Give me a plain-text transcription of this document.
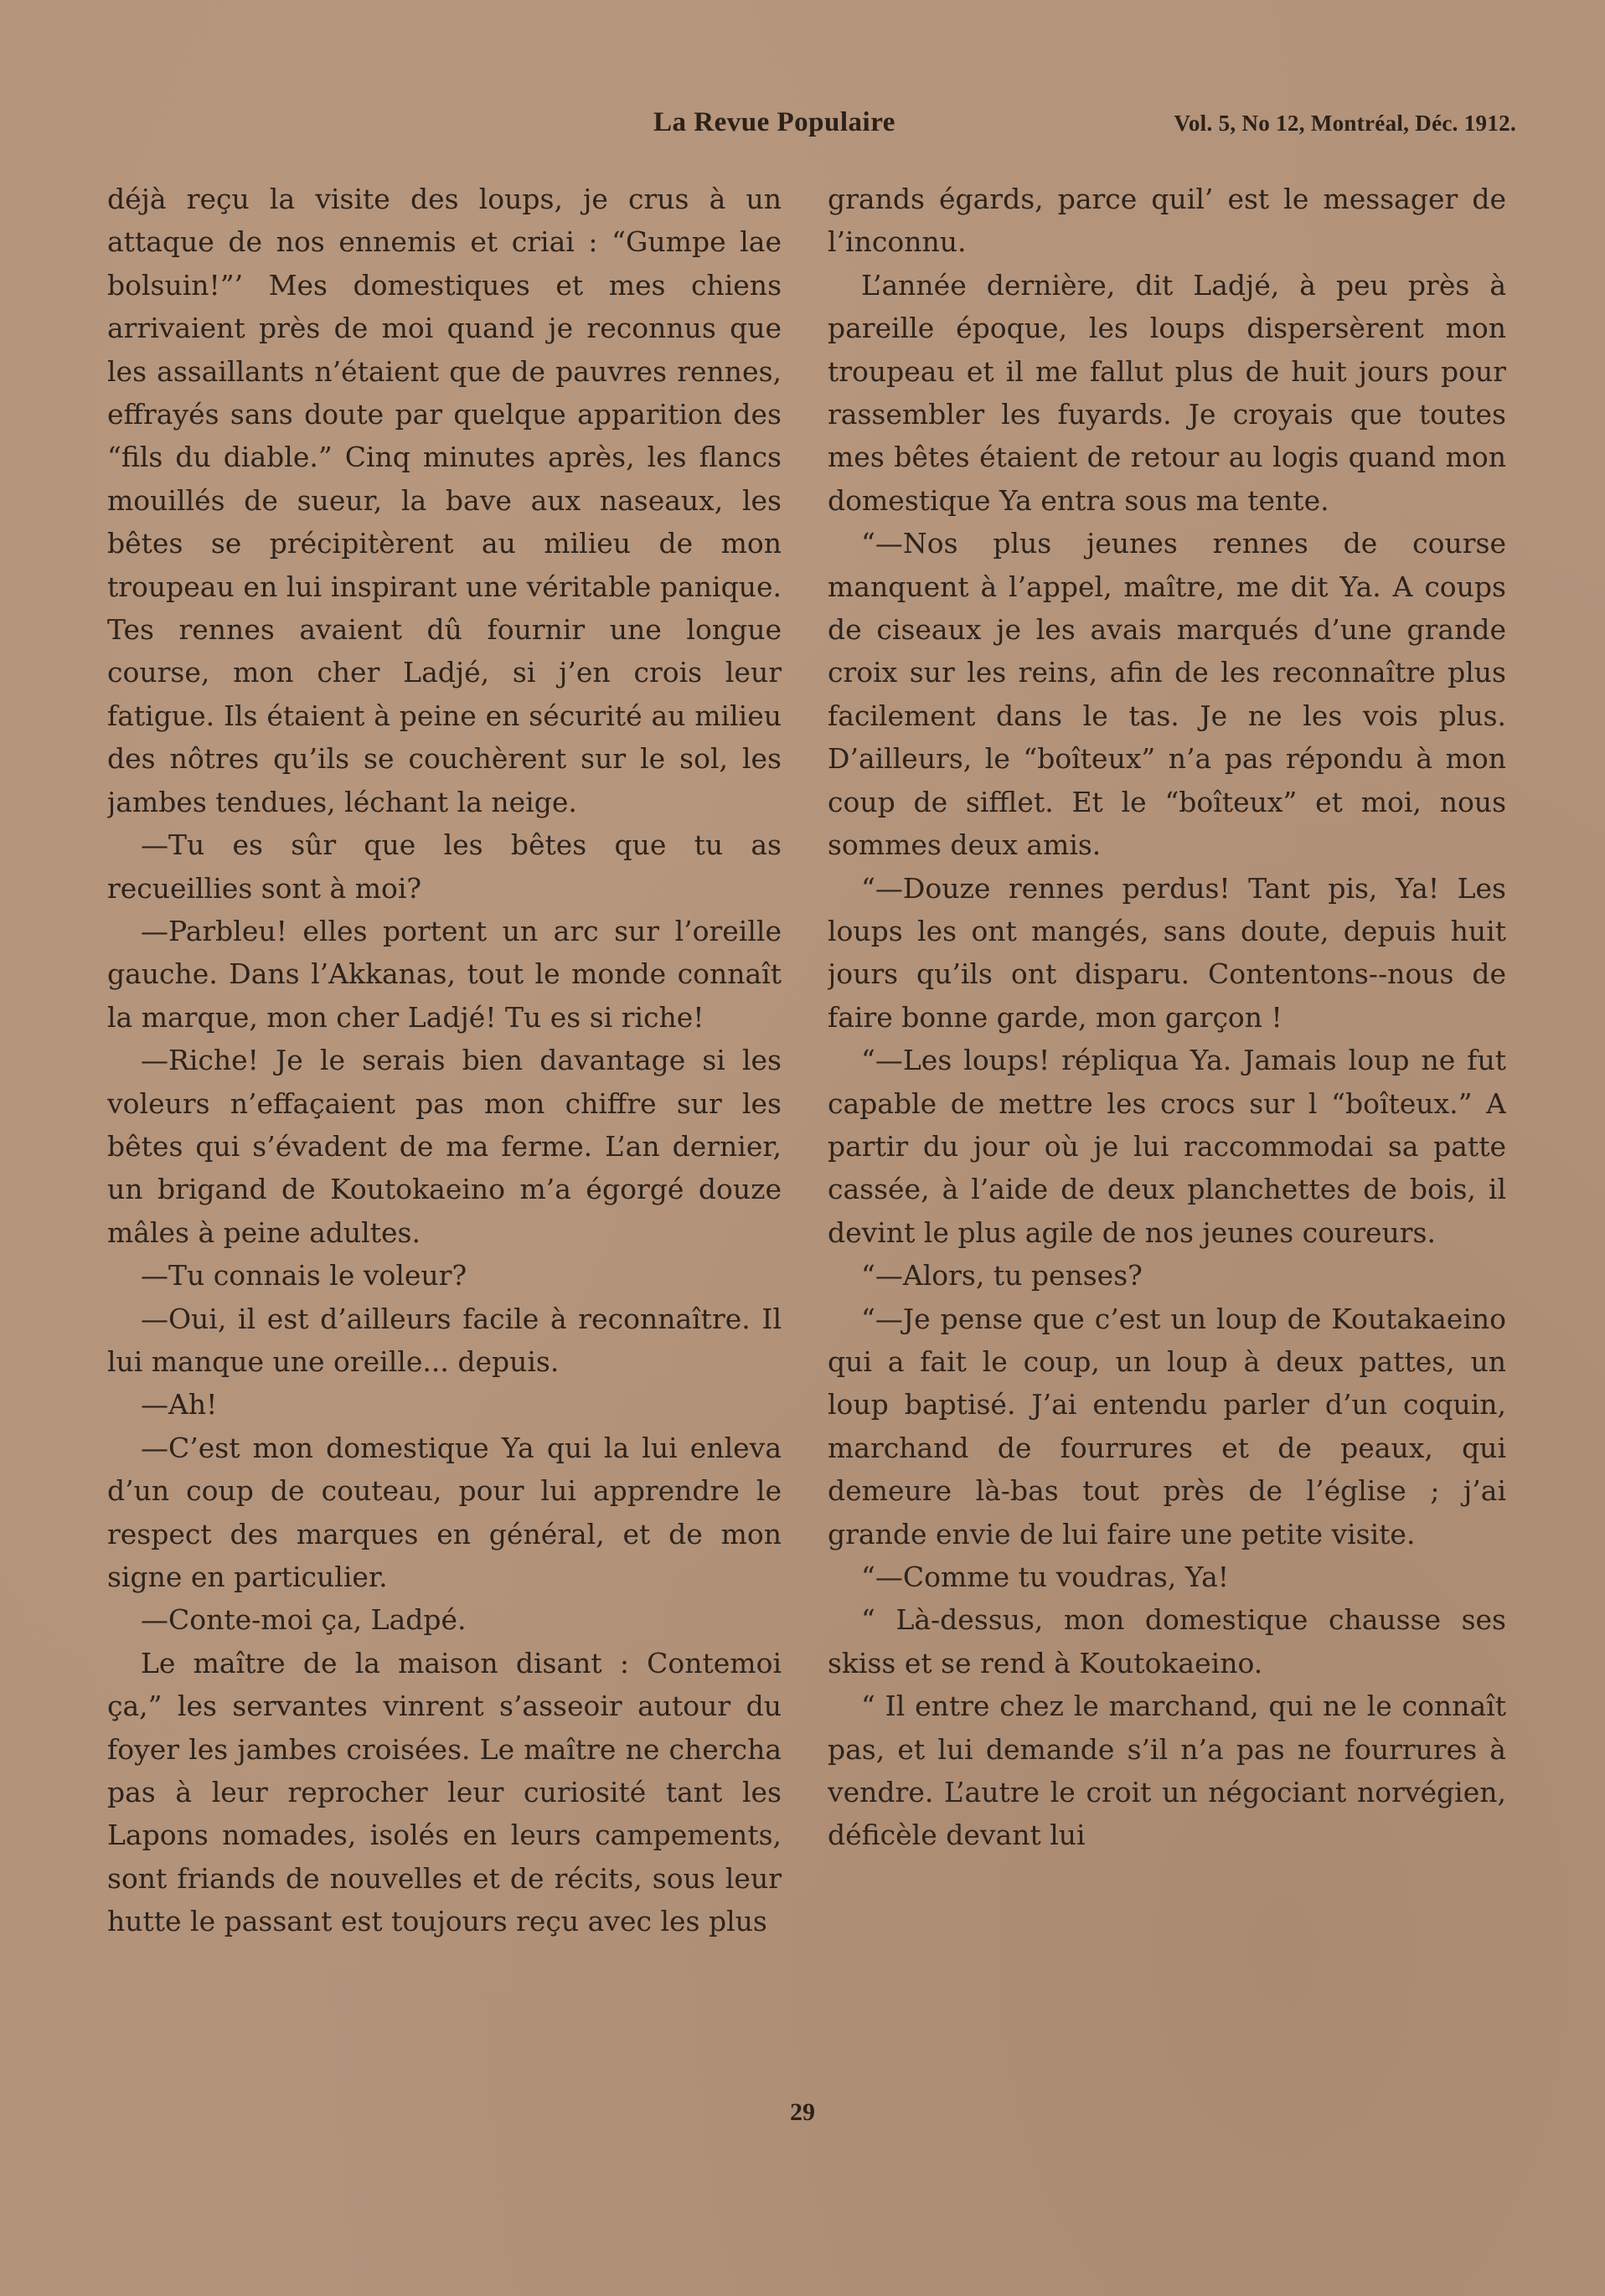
La Revue Populaire	Vol. 5, No 12, Montréal, Déc. 1912.

déjà reçu la visite des loups, je crus à un attaque de nos ennemis et criai : “Gumpe lae bolsuin!”’ Mes domestiques et mes chiens arrivaient près de moi quand je reconnus que les assaillants n’étaient que de pauvres rennes, effrayés sans doute par quelque apparition des “fils du diable.” Cinq minutes après, les flancs mouillés de sueur, la bave aux naseaux, les bêtes se précipitèrent au milieu de mon troupeau en lui inspirant une véritable panique. Tes rennes avaient dû fournir une longue course, mon cher Ladjé, si j’en crois leur fatigue. Ils étaient à peine en sécurité au milieu des nôtres qu’ils se couchèrent sur le sol, les jambes tendues, léchant la neige.

—Tu es sûr que les bêtes que tu as recueillies sont à moi?

—Parbleu! elles portent un arc sur l’oreille gauche. Dans l’Akkanas, tout le monde connaît la marque, mon cher Ladjé! Tu es si riche!

—Riche! Je le serais bien davantage si les voleurs n’effaçaient pas mon chiffre sur les bêtes qui s’évadent de ma ferme. L’an dernier, un brigand de Koutokaeino m’a égorgé douze mâles à peine adultes.

—Tu connais le voleur?

—Oui, il est d’ailleurs facile à reconnaître. Il lui manque une oreille... depuis.

—Ah!

—C’est mon domestique Ya qui la lui enleva d’un coup de couteau, pour lui apprendre le respect des marques en général, et de mon signe en particulier.

—Conte-moi ça, Ladpé.

Le maître de la maison disant : Contemoi ça,” les servantes vinrent s’asseoir autour du foyer les jambes croisées. Le maître ne chercha pas à leur reprocher leur curiosité tant les Lapons nomades, isolés en leurs campements, sont friands de nouvelles et de récits, sous leur hutte le passant est toujours reçu avec les plus

grands égards, parce quil’ est le messager de l’inconnu.

L’année dernière, dit Ladjé, à peu près à pareille époque, les loups dispersèrent mon troupeau et il me fallut plus de huit jours pour rassembler les fuyards. Je croyais que toutes mes bêtes étaient de retour au logis quand mon domestique Ya entra sous ma tente.

“—Nos plus jeunes rennes de course manquent à l’appel, maître, me dit Ya. A coups de ciseaux je les avais marqués d’une grande croix sur les reins, afin de les reconnaître plus facilement dans le tas. Je ne les vois plus. D’ailleurs, le “boîteux” n’a pas répondu à mon coup de sifflet. Et le “boîteux” et moi, nous sommes deux amis.

“—Douze rennes perdus! Tant pis, Ya! Les loups les ont mangés, sans doute, depuis huit jours qu’ils ont disparu. Contentons--nous de faire bonne garde, mon garçon !

“—Les loups! répliqua Ya. Jamais loup ne fut capable de mettre les crocs sur l “boîteux.” A partir du jour où je lui raccommodai sa patte cassée, à l’aide de deux planchettes de bois, il devint le plus agile de nos jeunes coureurs.

“—Alors, tu penses?

“—Je pense que c’est un loup de Koutakaeino qui a fait le coup, un loup à deux pattes, un loup baptisé. J’ai entendu parler d’un coquin, marchand de fourrures et de peaux, qui demeure là-bas tout près de l’église ; j’ai grande envie de lui faire une petite visite.

“—Comme tu voudras, Ya!

“ Là-dessus, mon domestique chausse ses skiss et se rend à Koutokaeino.

“ Il entre chez le marchand, qui ne le connaît pas, et lui demande s’il n’a pas ne fourrures à vendre. L’autre le croit un négociant norvégien, déficèle devant lui

29
